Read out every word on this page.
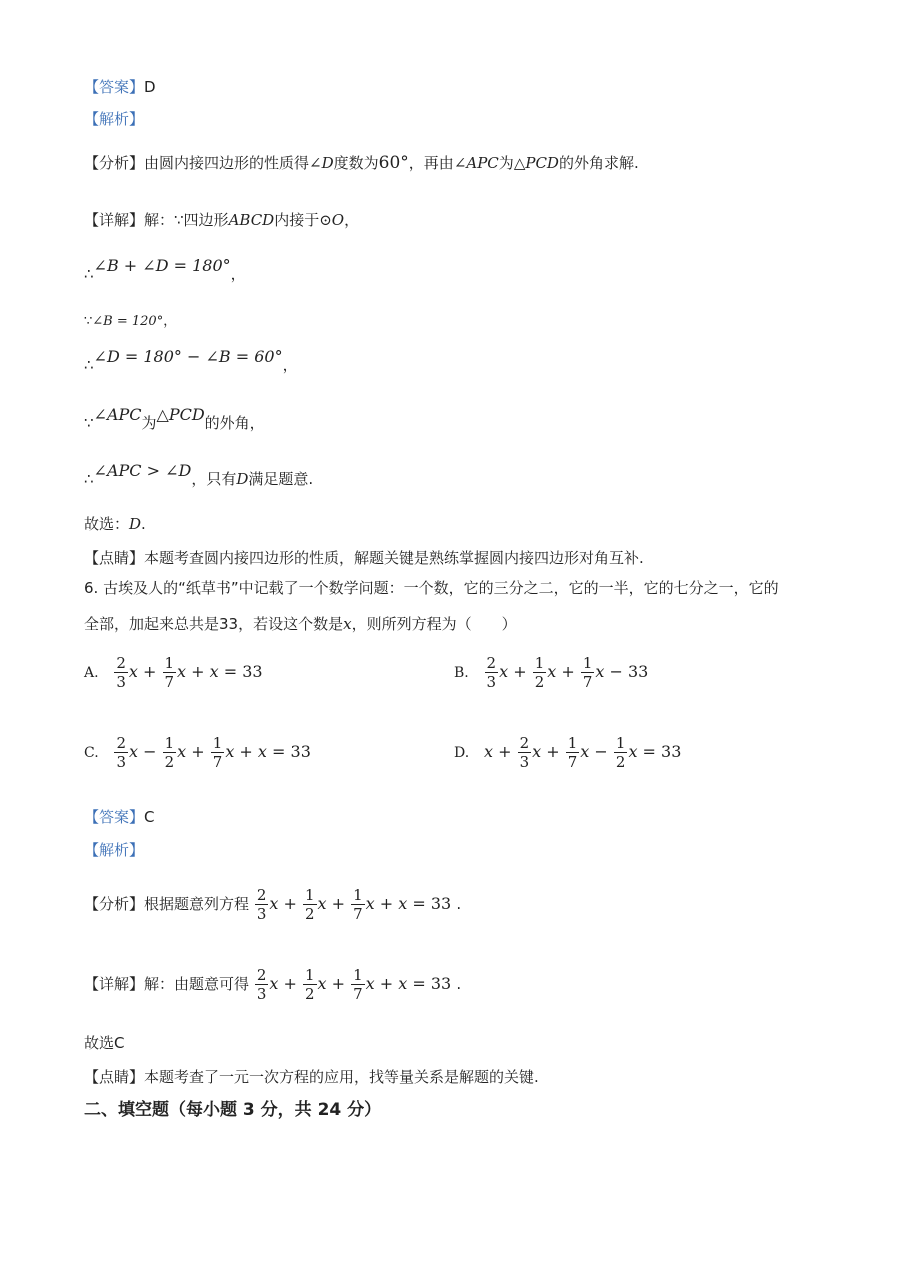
【答案】D
【解析】
【分析】由圆内接四边形的性质得∠D度数为60°，再由∠APC为△PCD的外角求解.
【详解】解：∵四边形ABCD内接于⊙O，
∴∠B + ∠D = 180°，
∵∠B = 120°，
∴∠D = 180° − ∠B = 60°，
∵∠APC为△PCD的外角，
∴∠APC > ∠D，只有D满足题意.
故选：D.
【点睛】本题考查圆内接四边形的性质，解题关键是熟练掌握圆内接四边形对角互补.
6. 古埃及人的“纸草书”中记载了一个数学问题：一个数，它的三分之二，它的一半，它的七分之一，它的
全部，加起来总共是33，若设这个数是x，则所列方程为（　　）
A. $\frac{2}{3}$ $x + \frac{1}{7}$ x + x = 33	B. $\frac{2}{3}$ $x + \frac{1}{2}$ $x + \frac{1}{7}$ x − 33
C. $\frac{2}{3}$ $x - \frac{1}{2}$ $x + \frac{1}{7}$ x + x = 33	D. $x + \frac{2}{3}$ $x + \frac{1}{7}$ $x - \frac{1}{2}$ x = 33
【答案】C
【解析】
【分析】根据题意列方程 $\frac{2}{3}$ $x + \frac{1}{2}$ $x + \frac{1}{7}$ x + x = 33 .
【详解】解：由题意可得 $\frac{2}{3}$ $x + \frac{1}{2}$ $x + \frac{1}{7}$ x + x = 33 .
故选C
【点睛】本题考查了一元一次方程的应用，找等量关系是解题的关键.
二、填空题（每小题 3 分，共 24 分）
